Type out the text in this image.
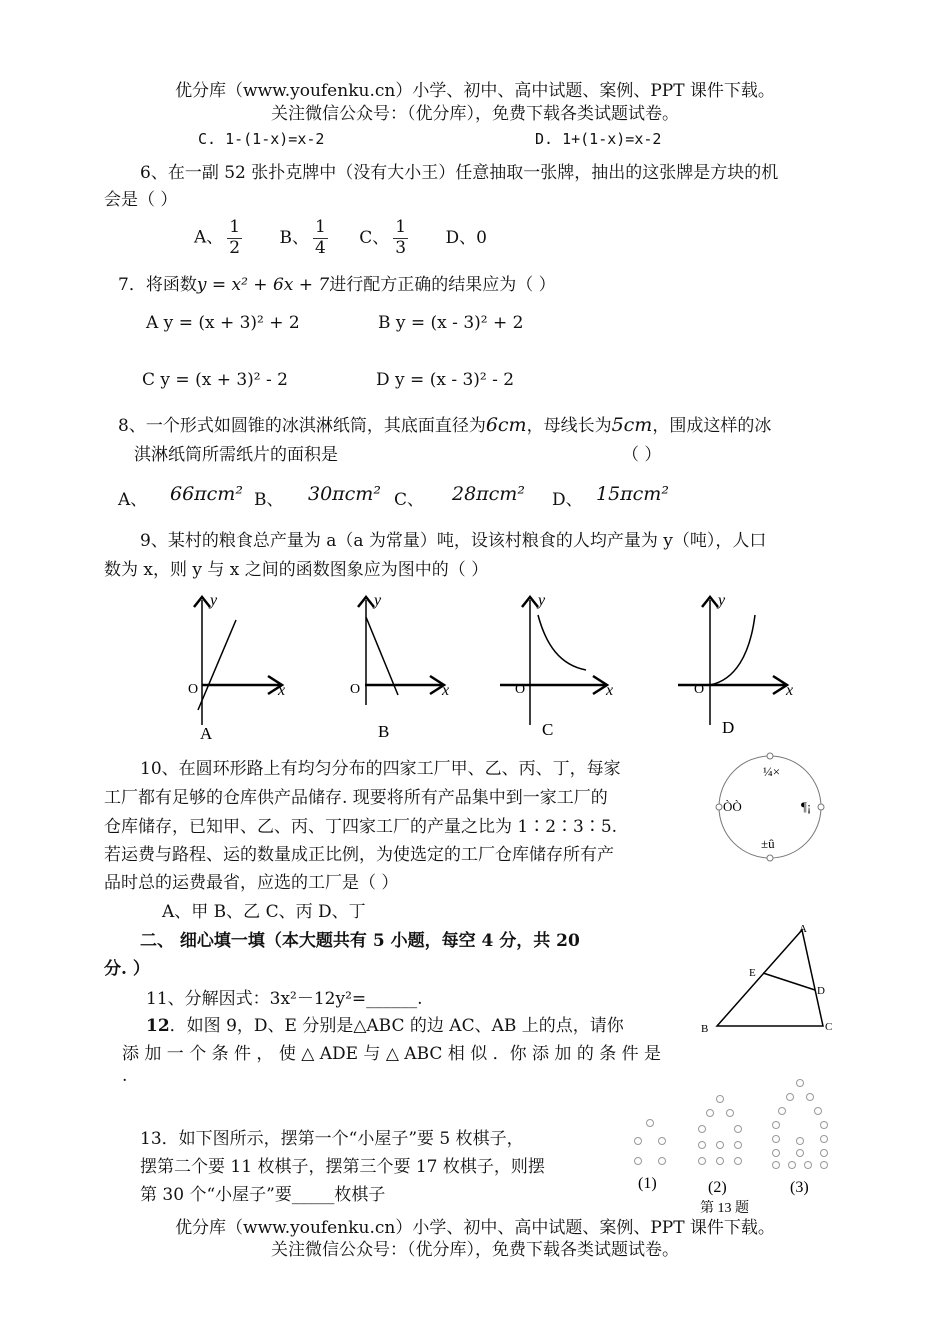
优分库（www.youfenku.cn）小学、初中、高中试题、案例、PPT 课件下载。
关注微信公众号：（优分库），免费下载各类试题试卷。
C. 1-(1-x)=x-2	D. 1+(1-x)=x-2
6、在一副 52 张扑克牌中（没有大小王）任意抽取一张牌，抽出的这张牌是方块的机
会是（ ）
A、 $\frac{1}{2}$ B、 $\frac{1}{4}$ C、 $\frac{1}{3}$ D、0
7．将函数y = x² + 6x + 7进行配方正确的结果应为（ ）
A y = (x + 3)² + 2	B y = (x - 3)² + 2
C y = (x + 3)² - 2	D y = (x - 3)² - 2
8、一个形式如圆锥的冰淇淋纸筒，其底面直径为6cm，母线长为5cm，围成这样的冰
淇淋纸筒所需纸片的面积是	（ ）
A、 66πcm² B、 30πcm² C、 28πcm² D、 15πcm²
9、某村的粮食总产量为 a（a 为常量）吨，设该村粮食的人均产量为 y（吨），人口
数为 x，则 y 与 x 之间的函数图象应为图中的（ ）
y
x
O
A
y
x
O
B
y
x
O
C
y
x
O
D
10、在圆环形路上有均匀分布的四家工厂甲、乙、丙、丁，每家
工厂都有足够的仓库供产品储存. 现要将所有产品集中到一家工厂的
仓库储存，已知甲、乙、丙、丁四家工厂的产量之比为 1∶2∶3∶5.
若运费与路程、运的数量成正比例，为使选定的工厂仓库储存所有产
品时总的运费最省，应选的工厂是（ ）
A、甲 B、乙 C、丙 D、丁
¼×
ÒÒ	¶¡
±û
二、 细心填一填（本大题共有 5 小题，每空 4 分，共 20
分. ）
11、分解因式：3x²－12y²=______.
12．如图 9，D、E 分别是△ABC 的边 AC、AB 上的点，请你
添 加 一 个 条 件 ， 使 △ ADE 与 △ ABC 相 似 ．你 添 加 的 条 件 是
.
A
E
D
B	C
13．如下图所示，摆第一个“小屋子”要 5 枚棋子，
摆第二个要 11 枚棋子，摆第三个要 17 枚棋子，则摆
第 30 个“小屋子”要_____枚棋子
(1)	(2)	(3)
第 13 题
优分库（www.youfenku.cn）小学、初中、高中试题、案例、PPT 课件下载。
关注微信公众号：（优分库），免费下载各类试题试卷。
